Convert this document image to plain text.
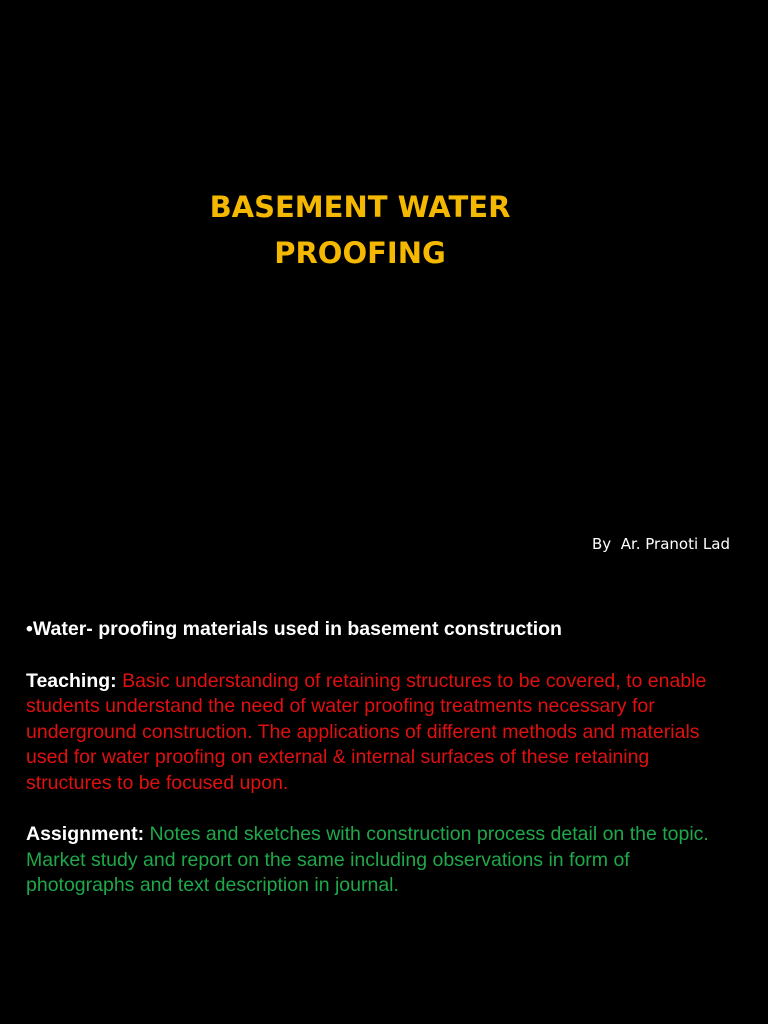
BASEMENT WATER
PROOFING
By  Ar. Pranoti Lad

•Water- proofing materials used in basement construction

Teaching: Basic understanding of retaining structures to be covered, to enable students understand the need of water proofing treatments necessary for underground construction. The applications of different methods and materials used for water proofing on external & internal surfaces of these retaining structures to be focused upon.

Assignment: Notes and sketches with construction process detail on the topic. Market study and report on the same including observations in form of photographs and text description in journal.
